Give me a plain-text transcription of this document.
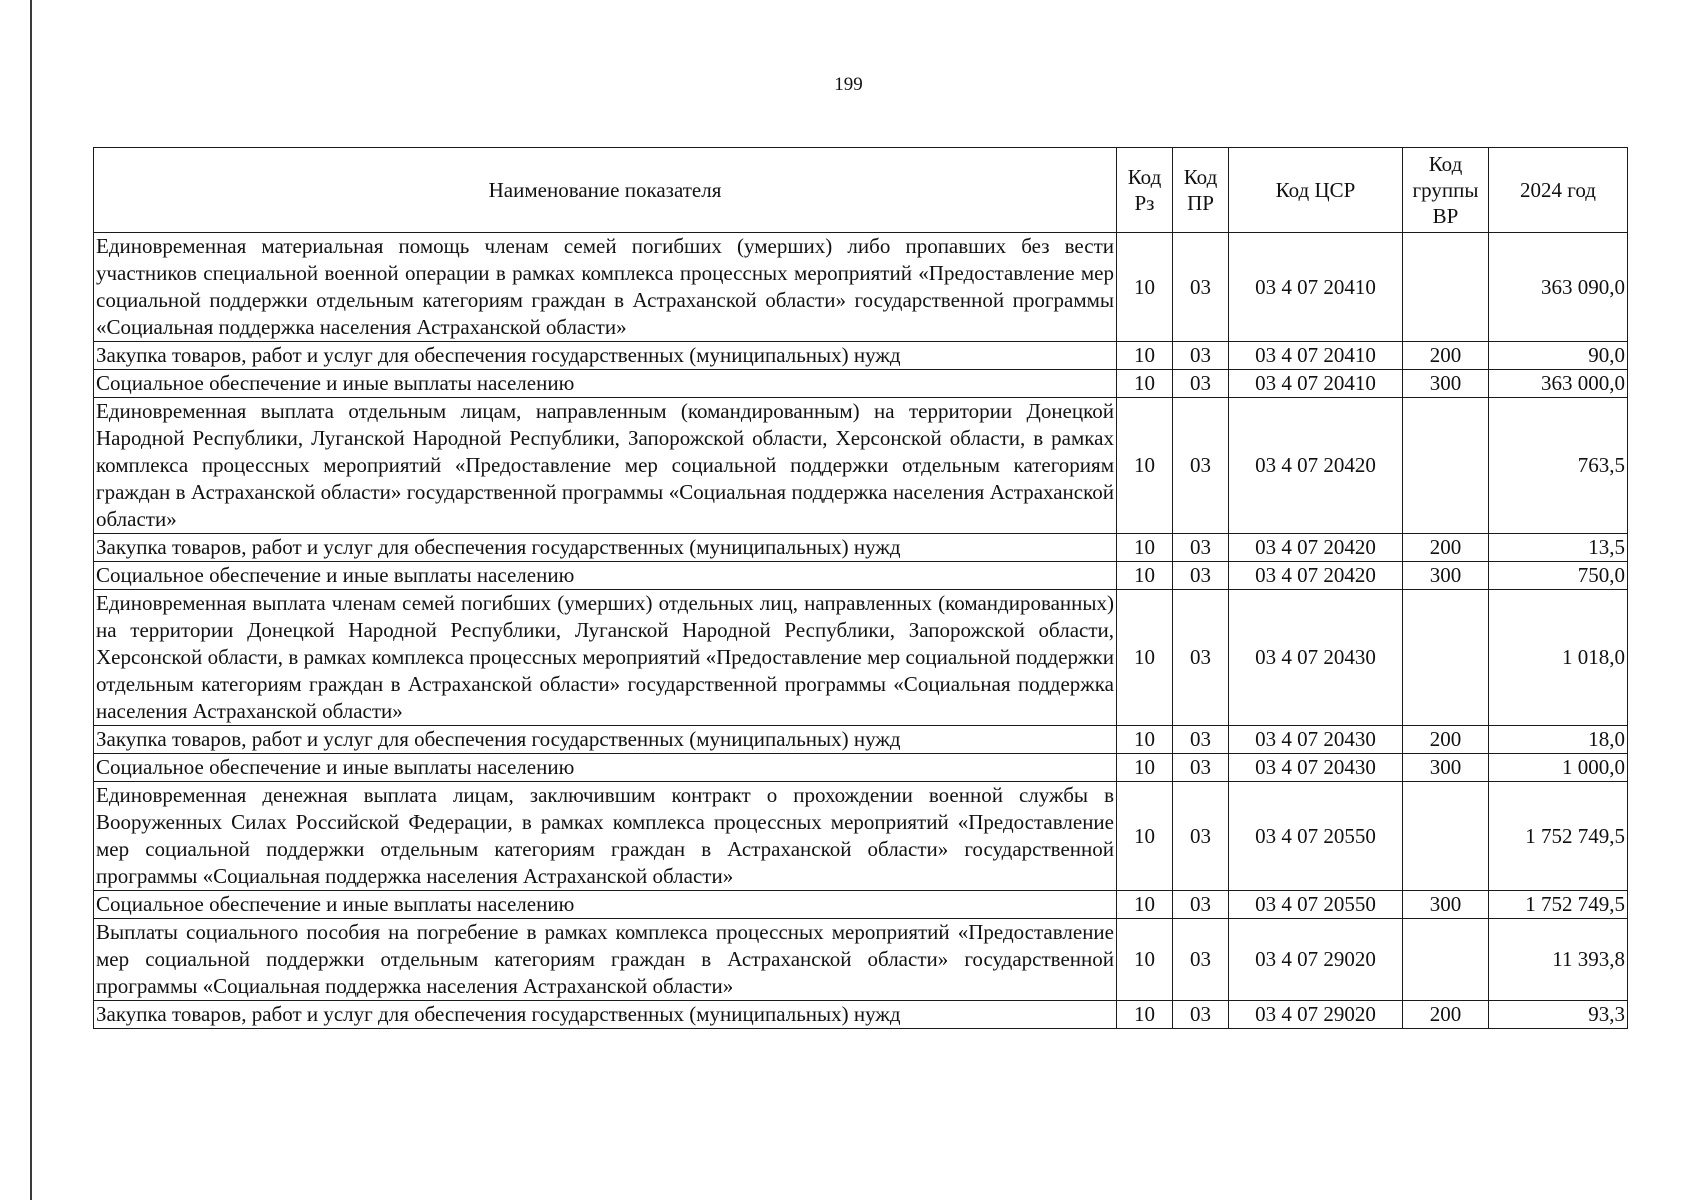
199
Наименование показателя	Код Рз	Код ПР	Код ЦСР	Код группы ВР	2024 год
Единовременная материальная помощь членам семей погибших (умерших) либо пропавших без вести участников специальной военной операции в рамках комплекса процессных мероприятий «Предоставление мер социальной поддержки отдельным категориям граждан в Астраханской области» государственной программы «Социальная поддержка населения Астраханской области»	10	03	03 4 07 20410		363 090,0
Закупка товаров, работ и услуг для обеспечения государственных (муниципальных) нужд	10	03	03 4 07 20410	200	90,0
Социальное обеспечение и иные выплаты населению	10	03	03 4 07 20410	300	363 000,0
Единовременная выплата отдельным лицам, направленным (командированным) на территории Донецкой Народной Республики, Луганской Народной Республики, Запорожской области, Херсонской области, в рамках комплекса процессных мероприятий «Предоставление мер социальной поддержки отдельным категориям граждан в Астраханской области» государственной программы «Социальная поддержка населения Астраханской области»	10	03	03 4 07 20420		763,5
Закупка товаров, работ и услуг для обеспечения государственных (муниципальных) нужд	10	03	03 4 07 20420	200	13,5
Социальное обеспечение и иные выплаты населению	10	03	03 4 07 20420	300	750,0
Единовременная выплата членам семей погибших (умерших) отдельных лиц, направленных (командированных) на территории Донецкой Народной Республики, Луганской Народной Республики, Запорожской области, Херсонской области, в рамках комплекса процессных мероприятий «Предоставление мер социальной поддержки отдельным категориям граждан в Астраханской области» государственной программы «Социальная поддержка населения Астраханской области»	10	03	03 4 07 20430		1 018,0
Закупка товаров, работ и услуг для обеспечения государственных (муниципальных) нужд	10	03	03 4 07 20430	200	18,0
Социальное обеспечение и иные выплаты населению	10	03	03 4 07 20430	300	1 000,0
Единовременная денежная выплата лицам, заключившим контракт о прохождении военной службы в Вооруженных Силах Российской Федерации, в рамках комплекса процессных мероприятий «Предоставление мер социальной поддержки отдельным категориям граждан в Астраханской области» государственной программы «Социальная поддержка населения Астраханской области»	10	03	03 4 07 20550		1 752 749,5
Социальное обеспечение и иные выплаты населению	10	03	03 4 07 20550	300	1 752 749,5
Выплаты социального пособия на погребение в рамках комплекса процессных мероприятий «Предоставление мер социальной поддержки отдельным категориям граждан в Астраханской области» государственной программы «Социальная поддержка населения Астраханской области»	10	03	03 4 07 29020		11 393,8
Закупка товаров, работ и услуг для обеспечения государственных (муниципальных) нужд	10	03	03 4 07 29020	200	93,3
